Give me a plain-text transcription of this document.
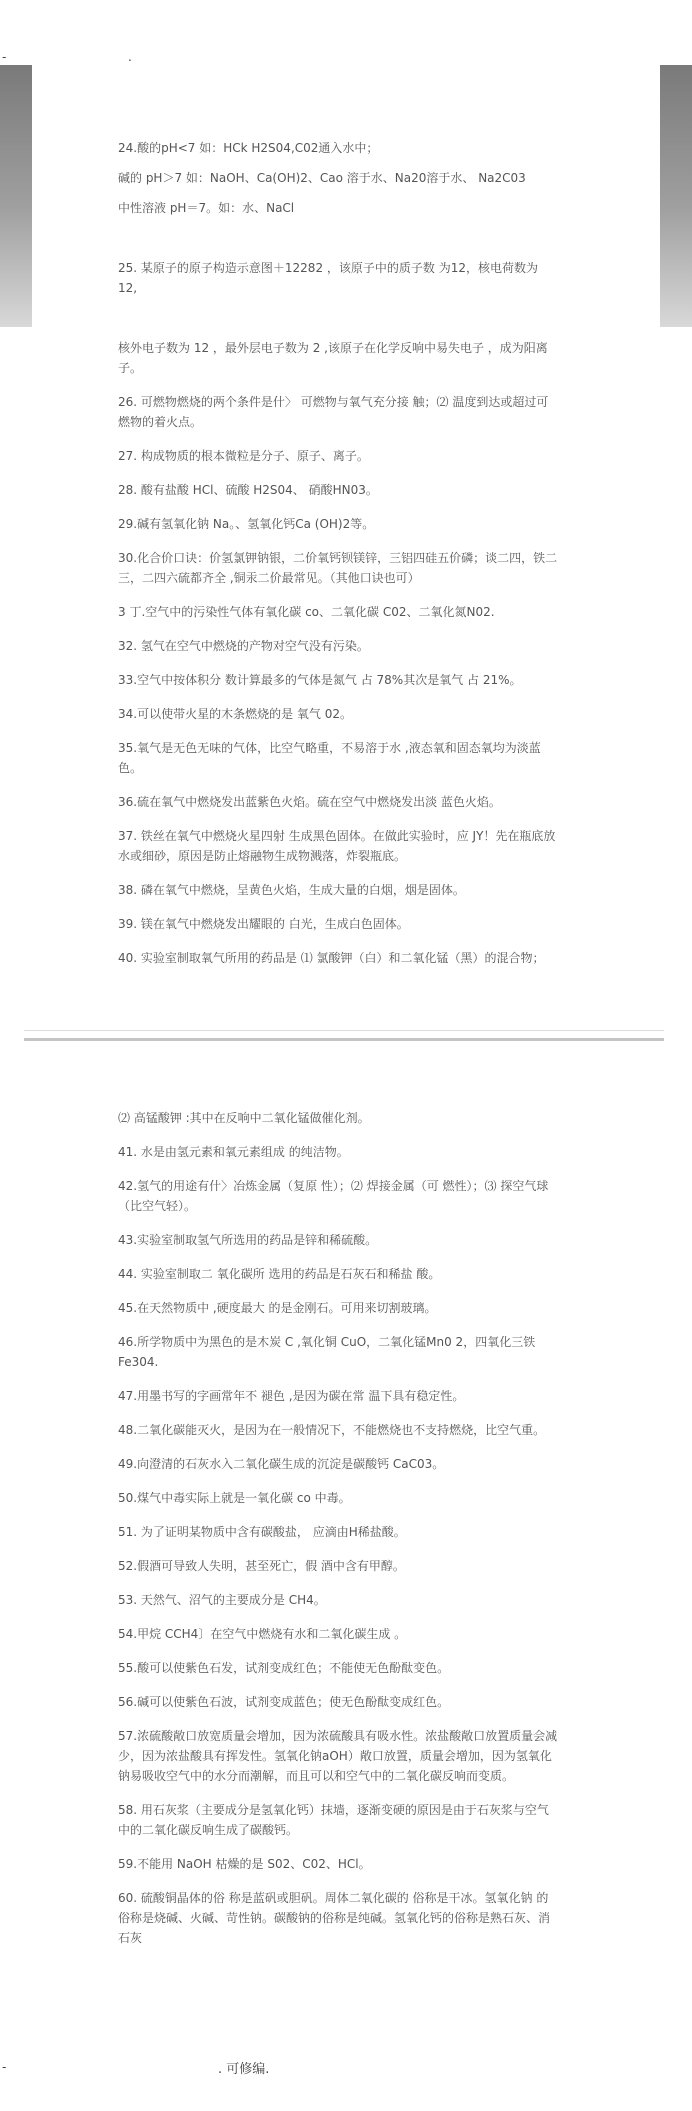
-	.
24.酸的pH<7 如：HCk H2S04,C02通入水中；
碱的 pH＞7 如：NaOH、Ca(OH)2、Cao 溶于水、Na20溶于水、 Na2C03
中性溶液 pH＝7。如：水、NaCl
25. 某原子的原子构造示意图＋12282 ，该原子中的质子数 为12，核电荷数为 12,
核外电子数为 12 ，最外层电子数为 2 ,该原子在化学反响中易失电子 ，成为阳离子。
26. 可燃物燃烧的两个条件是什〉 可燃物与氧气充分接 触；⑵ 温度到达或超过可燃物的着火点。
27. 构成物质的根本微粒是分子、原子、离子。
28. 酸有盐酸 HCl、硫酸 H2S04、 硝酸HN03。
29.碱有氢氧化钠 Na。、氢氧化钙Ca (OH)2等。
30.化合价口诀：价氢氯钾钠银，二价氧钙钡镁锌，三铝四硅五价磷；谈二四，铁二三，二四六硫都齐全 ,铜汞二价最常见。（其他口诀也可）
3 丁.空气中的污染性气体有氧化碳 co、二氧化碳 C02、二氧化氮N02.
32. 氢气在空气中燃烧的产物对空气没有污染。
33.空气中按体积分 数计算最多的气体是氮气 占 78%其次是氧气 占 21%。
34.可以使带火星的木条燃烧的是 氧气 02。
35.氧气是无色无味的气体，比空气略重，不易溶于水 ,液态氧和固态氧均为淡蓝色。
36.硫在氧气中燃烧发出蓝紫色火焰。硫在空气中燃烧发出淡 蓝色火焰。
37. 铁丝在氧气中燃烧火星四射 生成黑色固体。在做此实验时，应 JY！先在瓶底放水或细砂，原因是防止熔融物生成物溅落，炸裂瓶底。
38. 磷在氧气中燃烧，呈黄色火焰，生成大量的白烟，烟是固体。
39. 镁在氧气中燃烧发出耀眼的 白光，生成白色固体。
40. 实验室制取氧气所用的药品是 ⑴ 氯酸钾（白）和二氧化锰（黑）的混合物；
⑵ 高锰酸钾 :其中在反响中二氧化锰做催化剂。
41. 水是由氢元素和氧元素组成 的纯洁物。
42.氢气的用途有什〉冶炼金属（复原 性）；⑵ 焊接金属（可 燃性）；⑶ 探空气球（比空气轻）。
43.实验室制取氢气所选用的药品是锌和稀硫酸。
44. 实验室制取二 氧化碳所 选用的药品是石灰石和稀盐 酸。
45.在天然物质中 ,硬度最大 的是金刚石。可用来切割玻璃。
46.所学物质中为黑色的是木炭 C ,氧化铜 CuO，二氧化锰Mn0 2，四氧化三铁 Fe304.
47.用墨书写的字画常年不 褪色 ,是因为碳在常 温下具有稳定性。
48.二氧化碳能灭火，是因为在一般情况下，不能燃烧也不支持燃烧，比空气重。
49.向澄清的石灰水入二氧化碳生成的沉淀是碳酸钙 CaC03。
50.煤气中毒实际上就是一氧化碳 co 中毒。
51. 为了证明某物质中含有碳酸盐， 应滴由H稀盐酸。
52.假酒可导致人失明，甚至死亡，假 酒中含有甲醇。
53. 天然气、沼气的主要成分是 CH4。
54.甲烷 CCH4〕在空气中燃烧有水和二氧化碳生成 。
55.酸可以使紫色石发，试剂变成红色；不能使无色酚酞变色。
56.碱可以使紫色石波，试剂变成蓝色；使无色酚酞变成红色。
57.浓硫酸敞口放宽质量会增加，因为浓硫酸具有吸水性。浓盐酸敞口放置质量会减少，因为浓盐酸具有挥发性。氢氧化钠aOH）敞口放置，质量会增加，因为氢氧化钠易吸收空气中的水分而潮解，而且可以和空气中的二氧化碳反响而变质。
58. 用石灰浆（主要成分是氢氧化钙）抹墙，逐渐变硬的原因是由于石灰浆与空气中的二氧化碳反响生成了碳酸钙。
59.不能用 NaOH 枯燥的是 S02、C02、HCl。
60. 硫酸铜晶体的俗 称是蓝矾或胆矾。周体二氧化碳的 俗称是干冰。氢氧化钠 的俗称是烧碱、火碱、苛性钠。碳酸钠的俗称是纯碱。氢氧化钙的俗称是熟石灰、消石灰
-	. 可修编.
